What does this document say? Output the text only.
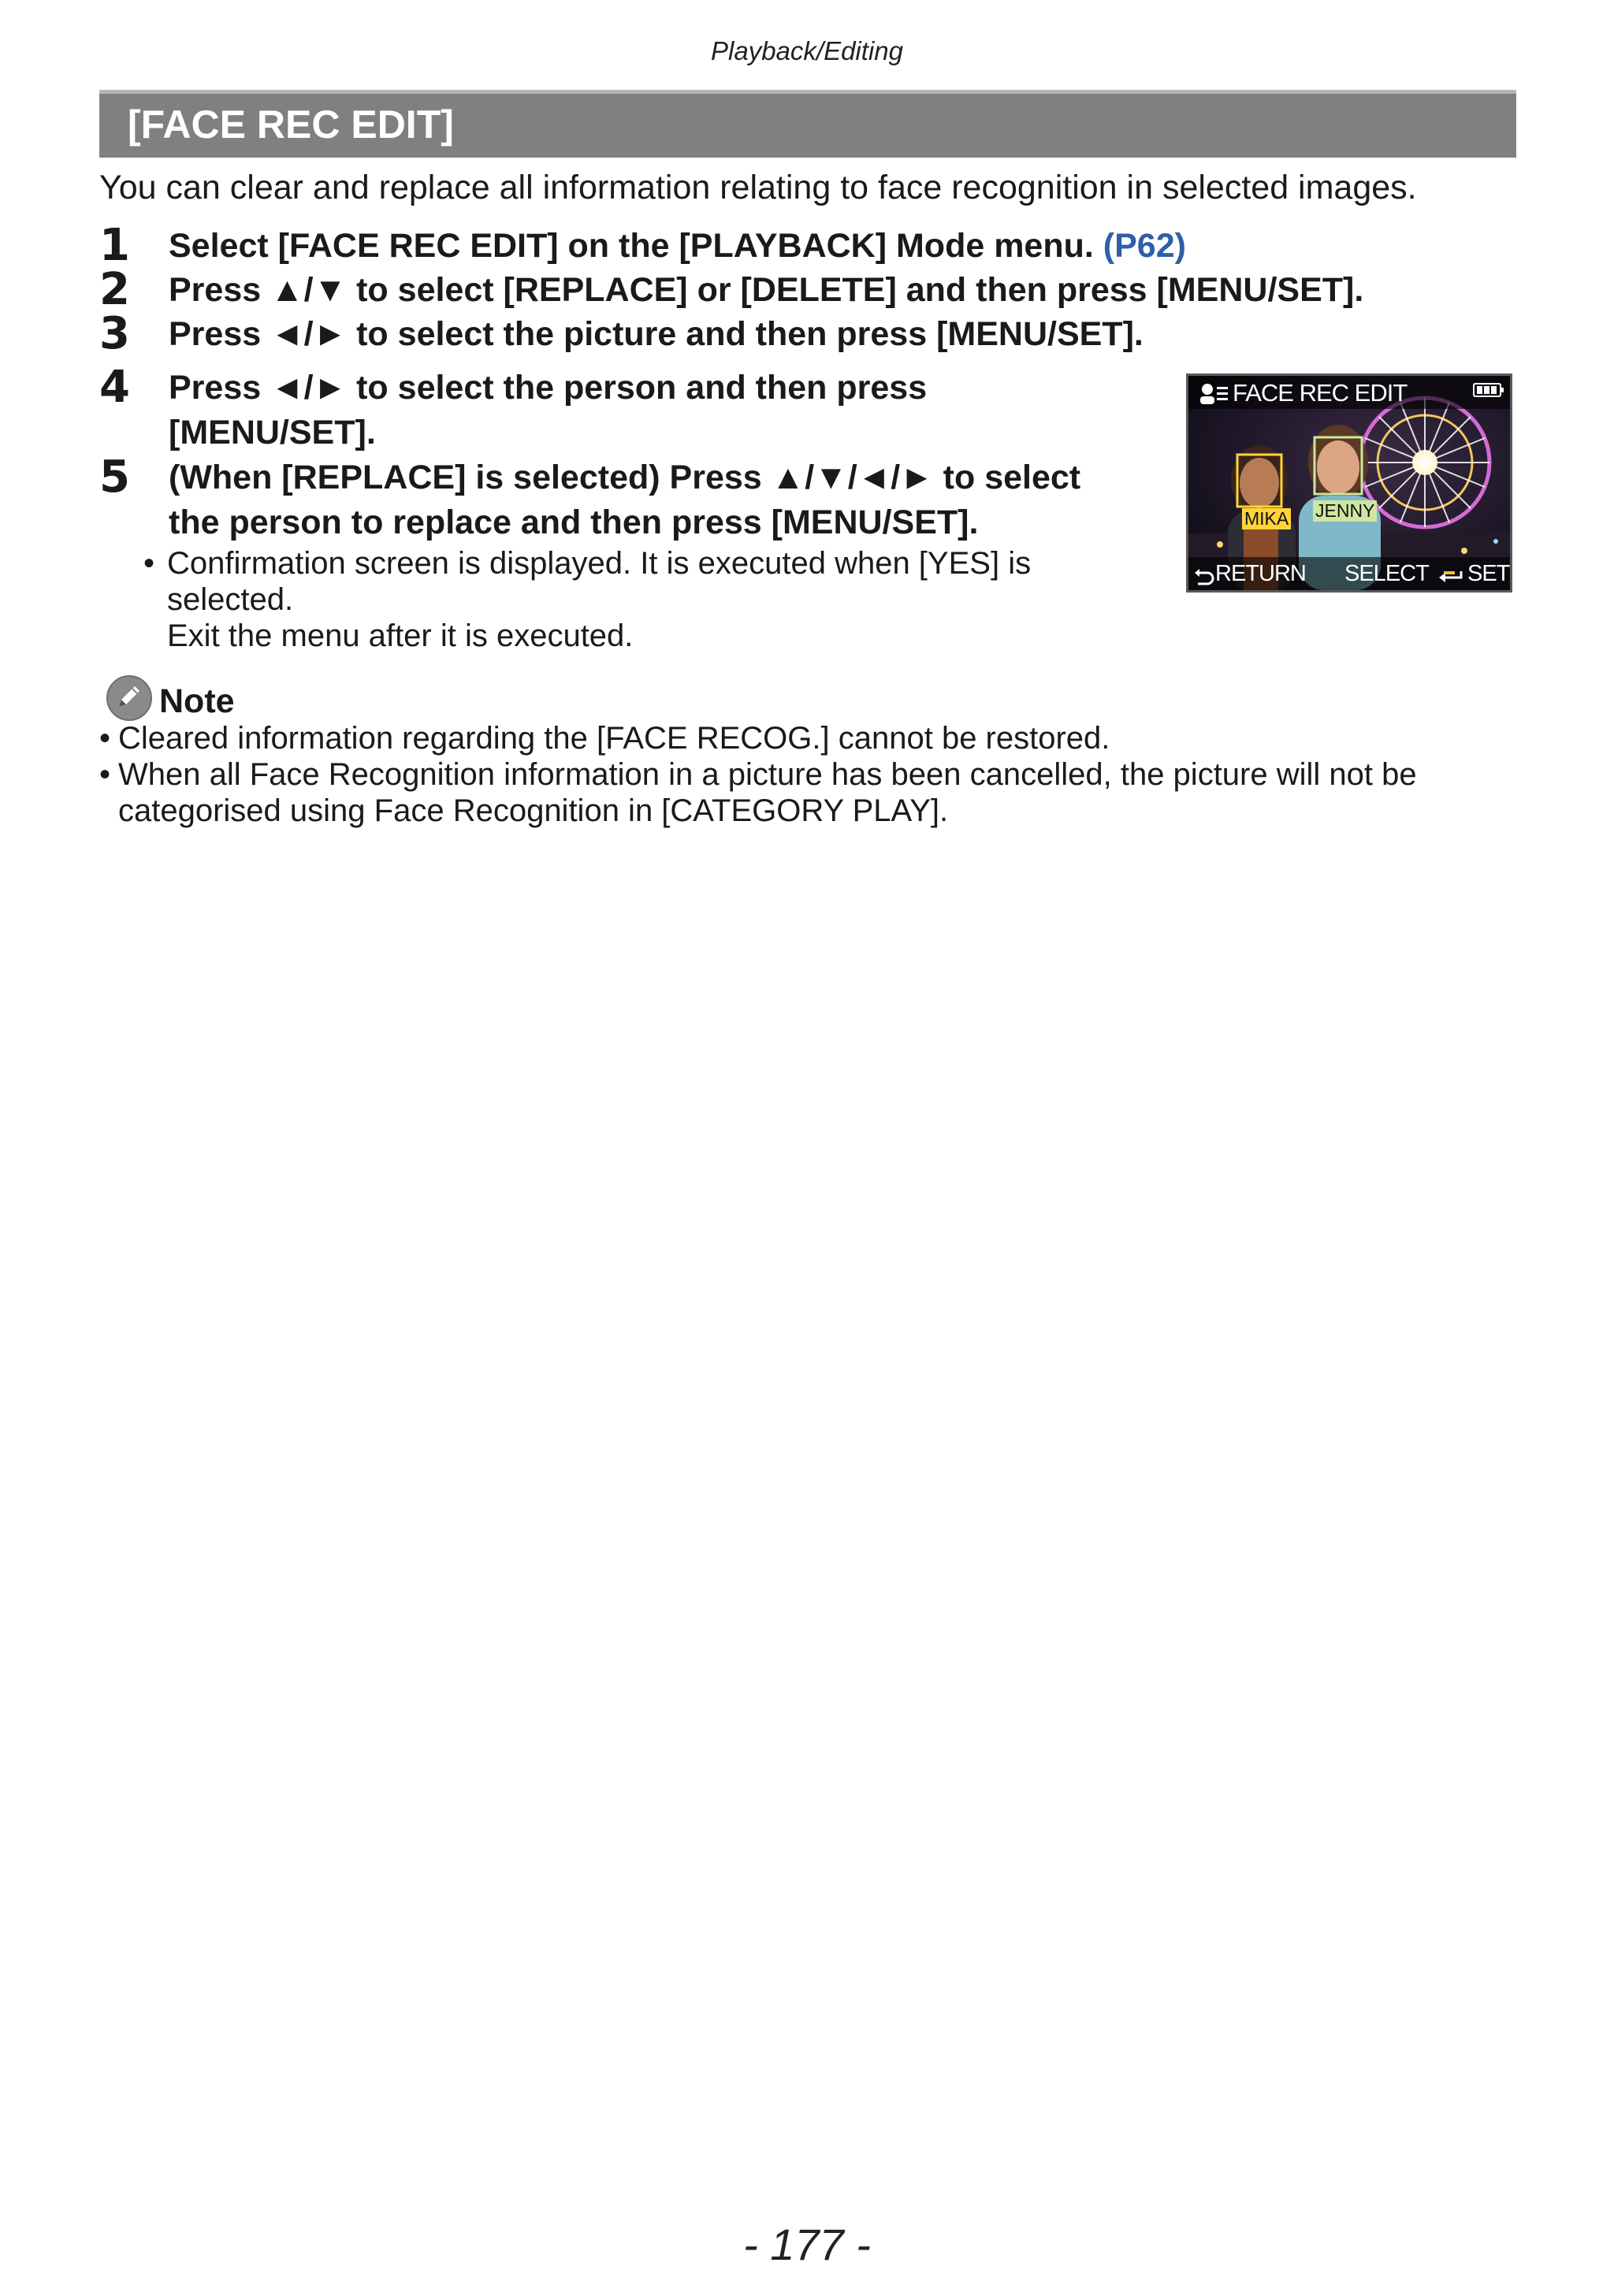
Playback/Editing
[FACE REC EDIT]
You can clear and replace all information relating to face recognition in selected images.
1 Select [FACE REC EDIT] on the [PLAYBACK] Mode menu. (P62)
2 Press ▲/▼ to select [REPLACE] or [DELETE] and then press [MENU/SET].
3 Press ◄/► to select the picture and then press [MENU/SET].
4 Press ◄/► to select the person and then press
[MENU/SET].
5 (When [REPLACE] is selected) Press ▲/▼/◄/► to select
the person to replace and then press [MENU/SET].
• Confirmation screen is displayed. It is executed when [YES] is
selected.
Exit the menu after it is executed.
FACE REC EDIT
MIKA JENNY
RETURN SELECT SET
Note
• Cleared information regarding the [FACE RECOG.] cannot be restored.
• When all Face Recognition information in a picture has been cancelled, the picture will not be
categorised using Face Recognition in [CATEGORY PLAY].
- 177 -
